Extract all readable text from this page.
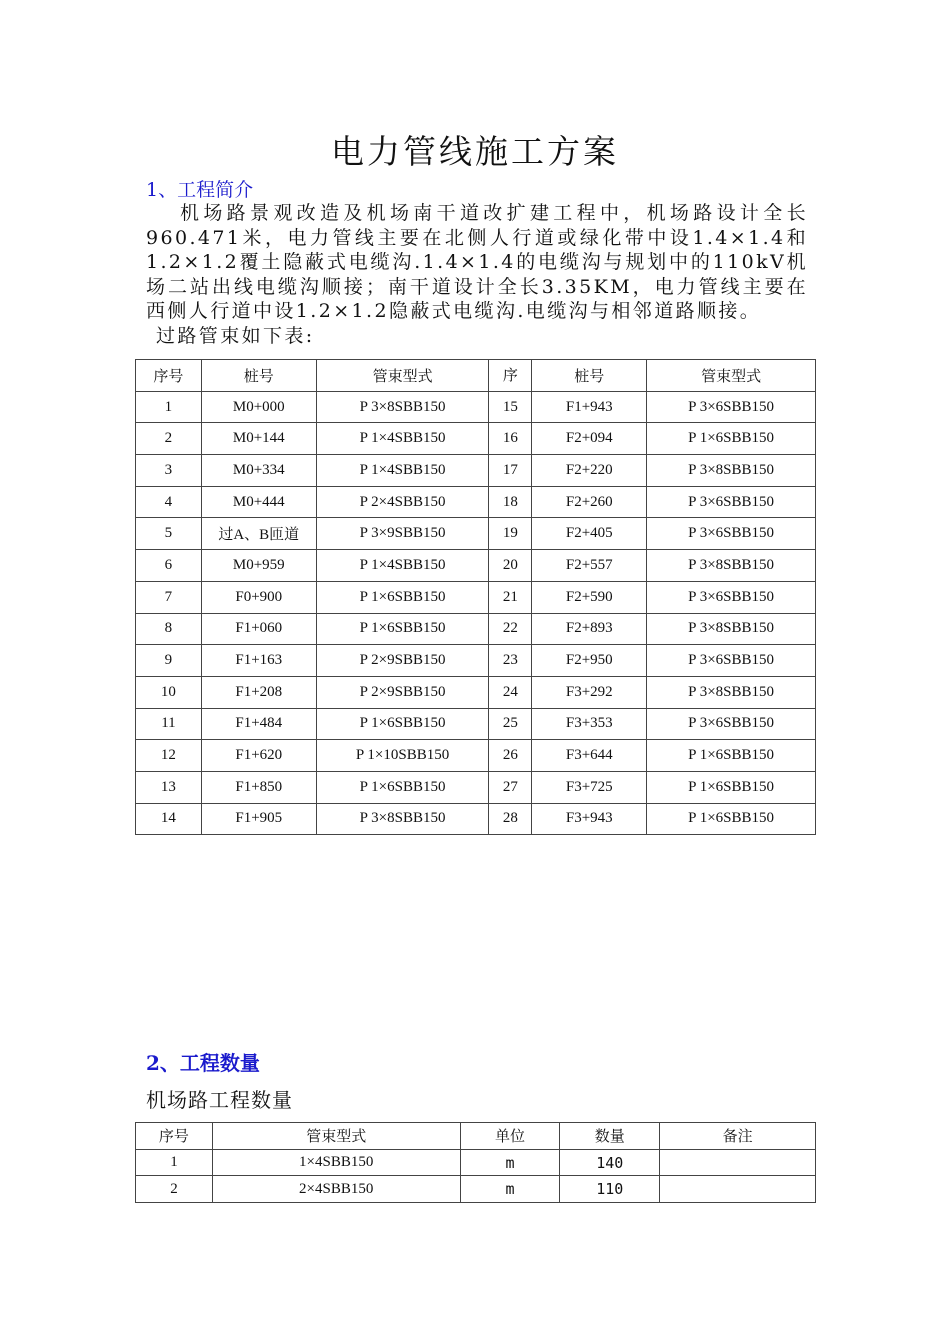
电力管线施工方案
1、工程简介

机场路景观改造及机场南干道改扩建工程中，机场路设计全长960.471米，电力管线主要在北侧人行道或绿化带中设1.4×1.4和1.2×1.2覆土隐蔽式电缆沟.1.4×1.4的电缆沟与规划中的110kV机场二站出线电缆沟顺接；南干道设计全长3.35KM，电力管线主要在西侧人行道中设1.2×1.2隐蔽式电缆沟.电缆沟与相邻道路顺接。

过路管束如下表:

序号	桩号	管束型式	序	桩号	管束型式
1	M0+000	P 3×8SBB150	15	F1+943	P 3×6SBB150
2	M0+144	P 1×4SBB150	16	F2+094	P 1×6SBB150
3	M0+334	P 1×4SBB150	17	F2+220	P 3×8SBB150
4	M0+444	P 2×4SBB150	18	F2+260	P 3×6SBB150
5	过A、B匝道	P 3×9SBB150	19	F2+405	P 3×6SBB150
6	M0+959	P 1×4SBB150	20	F2+557	P 3×8SBB150
7	F0+900	P 1×6SBB150	21	F2+590	P 3×6SBB150
8	F1+060	P 1×6SBB150	22	F2+893	P 3×8SBB150
9	F1+163	P 2×9SBB150	23	F2+950	P 3×6SBB150
10	F1+208	P 2×9SBB150	24	F3+292	P 3×8SBB150
11	F1+484	P 1×6SBB150	25	F3+353	P 3×6SBB150
12	F1+620	P 1×10SBB150	26	F3+644	P 1×6SBB150
13	F1+850	P 1×6SBB150	27	F3+725	P 1×6SBB150
14	F1+905	P 3×8SBB150	28	F3+943	P 1×6SBB150
2、工程数量
机场路工程数量
序号	管束型式	单位	数量	备注
1	1×4SBB150	m	140	
2	2×4SBB150	m	110	
